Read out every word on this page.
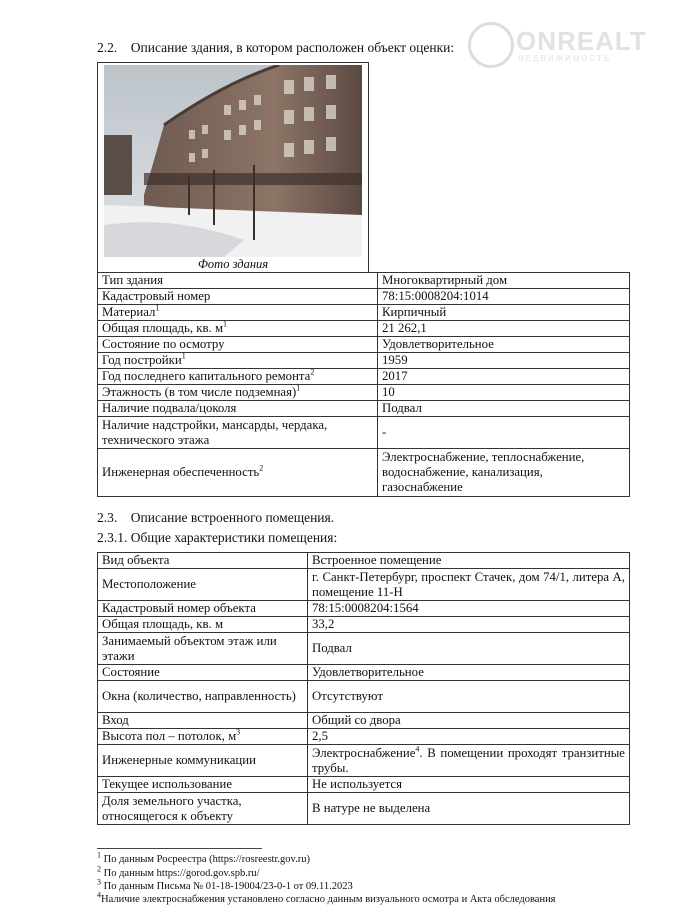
ONREALT
НЕДВИЖИМОСТЬ
2.2. Описание здания, в котором расположен объект оценки:
Фото здания
Тип здания	Многоквартирный дом
Кадастровый номер	78:15:0008204:1014
Материал$^1$	Кирпичный
Общая площадь, кв. $м^1$	21 262,1
Состояние по осмотру	Удовлетворительное
Год постройки$^1$	1959
Год последнего капитального ремонта$^2$	2017
Этажность (в том числе подземная)$^1$	10
Наличие подвала/цоколя	Подвал
Наличие надстройки, мансарды, чердака, технического этажа	-
Инженерная обеспеченность$^2$	Электроснабжение, теплоснабжение, водоснабжение, канализация, газоснабжение
2.3. Описание встроенного помещения.
2.3.1. Общие характеристики помещения:
Вид объекта	Встроенное помещение
Местоположение	г. Санкт-Петербург, проспект Стачек, дом 74/1, литера А, помещение 11-Н
Кадастровый номер объекта	78:15:0008204:1564
Общая площадь, кв. м	33,2
Занимаемый объектом этаж или этажи	Подвал
Состояние	Удовлетворительное
Окна (количество, направленность)	Отсутствуют
Вход	Общий со двора
Высота пол – потолок, $м^3$	2,5
Инженерные коммуникации	Электроснабжение$^4$. В помещении проходят транзитные трубы.
Текущее использование	Не используется
Доля земельного участка, относящегося к объекту	В натуре не выделена
$^1$ По данным Росреестра (https://rosreestr.gov.ru)
$^2$ По данным https://gorod.gov.spb.ru/
$^3$ По данным Письма № 01-18-19004/23-0-1 от 09.11.2023
$^4$Наличие электроснабжения установлено согласно данным визуального осмотра и Акта обследования
